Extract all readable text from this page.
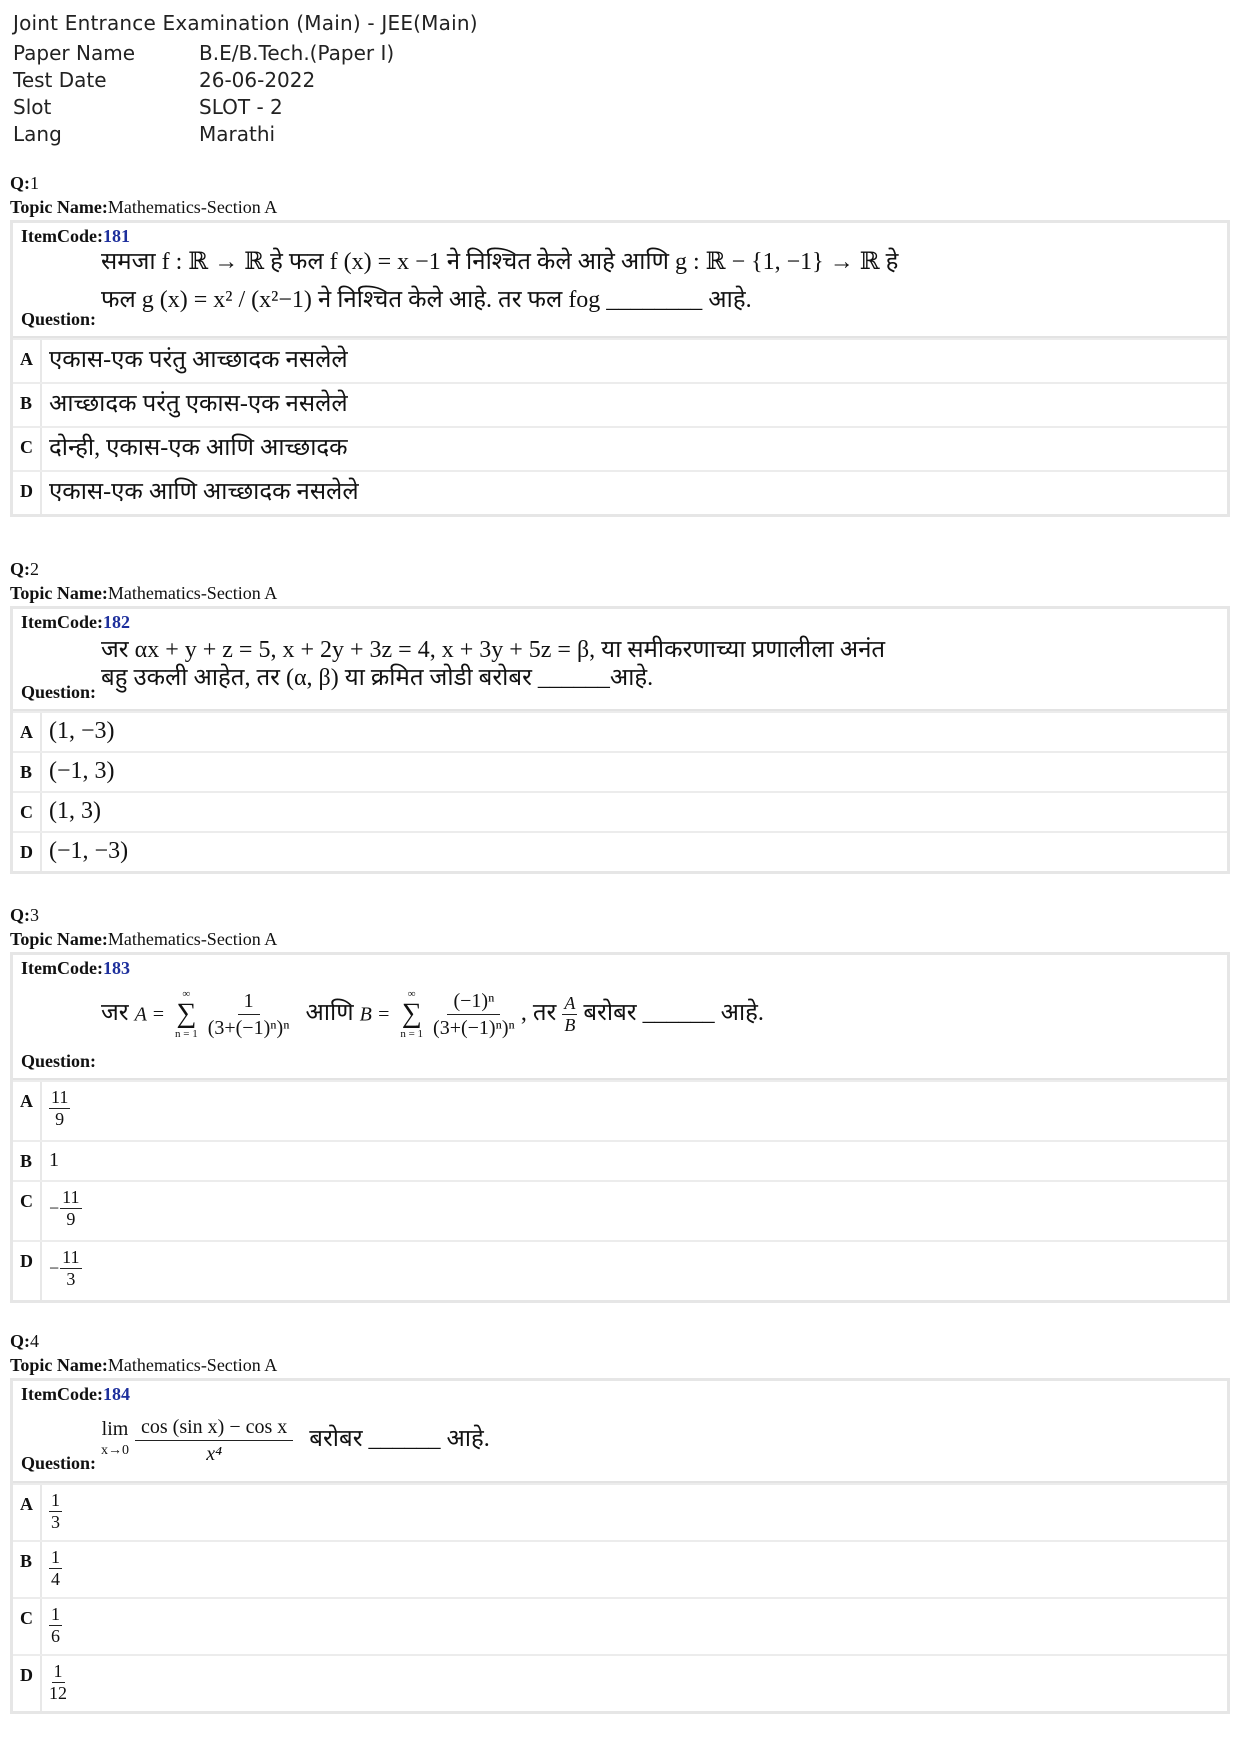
Joint Entrance Examination (Main) - JEE(Main)
Paper Name	B.E/B.Tech.(Paper I)
Test Date	26-06-2022
Slot	SLOT - 2
Lang	Marathi
Q:1
Topic Name:Mathematics-Section A
ItemCode:181
समजा f : ℝ → ℝ हे फल f (x) = x −1 ने निश्चित केले आहे आणि g : ℝ − {1, −1} → ℝ हे
फल g (x) = x² / (x²−1) ने निश्चित केले आहे. तर फल fog ________ आहे.
Question:
A एकास-एक परंतु आच्छादक नसलेले
B आच्छादक परंतु एकास-एक नसलेले
C दोन्ही, एकास-एक आणि आच्छादक
D एकास-एक आणि आच्छादक नसलेले
Q:2
Topic Name:Mathematics-Section A
ItemCode:182
जर αx + y + z = 5, x + 2y + 3z = 4, x + 3y + 5z = β, या समीकरणाच्या प्रणालीला अनंत
बहु उकली आहेत, तर (α, β) या क्रमित जोडी बरोबर ______आहे.
Question:
A (1, −3)
B (−1, 3)
C (1, 3)
D (−1, −3)
Q:3
Topic Name:Mathematics-Section A
ItemCode:183
जर A =
∞
∑
n = 1
$\frac{1}{\text{(3+(−1)ⁿ)ⁿ}}$ आणि B =
∞
∑
n = 1
$\frac{\text{(−1)ⁿ}}{\text{(3+(−1)ⁿ)ⁿ}}$ , तर $\frac{A}{B}$ बरोबर ______ आहे.
Question:
A $\frac{11}{9}$
B 1
$C - \frac{11}{9}$
$D - \frac{11}{3}$
Q:4
Topic Name:Mathematics-Section A
ItemCode:184
lim
x→0
$\frac{\text{cos (sin x) − cos x}}{\text{x⁴}}$ बरोबर ______ आहे.
Question:
A $\frac{1}{3}$
B $\frac{1}{4}$
C $\frac{1}{6}$
D $\frac{1}{12}$
